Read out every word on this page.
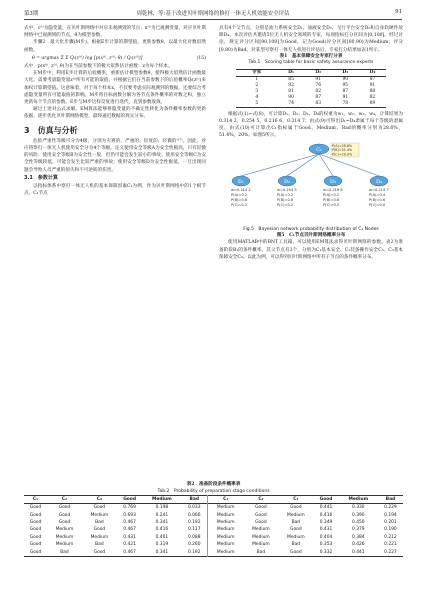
第3期	周乾林，等:基于改进贝叶斯网络的修打一体无人机效能安全评估	91

式中，c⁽ᵗ⁾为隐变量，在贝叶斯网络中对应未观测到的节点；x⁽ᵗ⁾为已观测变量，对应贝叶斯网络中已观测到的节点，θ为模型参数。

步骤2　最大化步骤(M步)。根据E步计算的期望值，更新参数θ，以最大化对数似然函数。

θ = argmax Σ Σ Qᵢ(z⁽ⁱ⁾) log [p(x⁽ⁱ⁾, z⁽ⁱ⁾; θ) / Qᵢ(z⁽ⁱ⁾)]	(15)

式中，p(x⁽ⁱ⁾, z⁽ⁱ⁾; θ)为在当前参数下的极大似然估计函数；z为每个样本。

在M步中，利用E步计算的后验概率，重新估计模型参数θ，使得极大似然估计函数最大化。需要考虑隐变量z⁽ⁱ⁾所有可能的取值，并根据它们在当前参数下的后验概率Qᵢ(z⁽ⁱ⁾)来加权计算期望值。这意味着，对于每个样本x，不仅要考虑实际观测到的数据，还要综合考虑隐变量所有可能取值的影响。M步将目标函数分解为各节点条件概率的对数之和，独立更新每个节点的参数。E步与M步这样反复进行迭代，直到参数收敛。

通过上述对公式求解，EM算法能够将隐变量的不确定性转化为条件概率参数的更新依据，逐步优化贝叶斯网络模型，最终逼近数据的真实分布。

3　仿真与分析

危险严重性等级可分为4级，分别为灾难的、严重的、轻度的、轻微的⁽¹⁷⁾。因此，对应将察打一体无人机使用安全分为4个等级。定义使用安全等级A为安全性极高，只有轻微的风险；使用安全等级B为安全性一般，但仍可能会发生较小的事故；使用安全等级C为安全性等级较低，可能会发生比较严重的事故；使用安全等级D为安全性极低，一旦出现问题会导致人员严重的损失和不可逆转的伤害。

3.1　参数计算

以指标体系中察打一体无人机的基本保障因素C₁为例，作为贝叶斯网络中的1个根节点，C₁节点

具有4个父节点，分别是油力系统安全D₁、油液安全D₂、飞行平台安全D₃和自身软硬件故障D₄。本次评估共邀请5位无人机安全领域的专家，每项指标打分区间为[0,100]。经过讨论，规定评分区间[90,100]为Good，记为Good(评分区间[80,90)为Medium；评分[0,80)为Bad。对某型号察打一体无人机进行评估后，专家打分结果如表1所示。

表1　基本保障安全专家打分表
Tab.1　Scoring table for basic safety assurance experts
专家	D₁	D₂	D₃	D₄
1	85	91	90	87
2	92	76	95	91
3	81	82	87	88
4	90	87	91	82
5	74	83	78	89

根据式(1)~式(8)，可计算D₁、D₂、D₃、D₄的权重为w₁、w₂、w₃、w₄，计算结果为0.314 2，0.254 5，0.216 6，0.214 7；由式(9)可得出D₁~D₄隶属于每个等级的隶属度，由式(10)可计算出C₁指标属于Good、Medium、Bad的概率分别为28.6%，51.4%，20%。如图5所示。

C₁
P(A)=28.6%
P(B)=51.4%
P(C)=20.0%
D₁
w=0.314 2
P(A)=0.2
P(B)=0.6
P(C)=0.2
D₂
w=0.254 5
P(A)=0.2
P(B)=0.6
P(C)=0.2
D₃
w=0.216 6
P(A)=0.2
P(B)=0.6
P(C)=0.2
D₄
w=0.214 7
P(A)=0.4
P(B)=0.6
P(C)=0.0
Fig.5　Bayesian network probability distribution of C₁ Nodes
图5　C₁节点贝叶斯网络概率分布

使用MATLAB中的BNT工具箱，可以使用EM算法求得贝叶斯网络的参数。表2为准备阶段B₁的条件概率，其父节点有3个，分别为C₁基本安全、C₂装备操作安全C₃、C₃基本保障安全C₃。以此为例，可以得到贝叶斯网络中所有子节点的条件概率分布。

表2　准备阶段条件概率表
Tab.2　Probability of preparation stage conditions
C₁	C₂	C₃	Good	Medium	Bad	C₁	C₂	C₃	Good	Medium	Bad
Good	Good	Good	0.769	0.198	0.033	Medium	Good	Good	0.441	0.330	0.229
Good	Good	Medium	0.693	0.241	0.066	Medium	Good	Medium	0.416	0.390	0.194
Good	Good	Bad	0.467	0.341	0.192	Medium	Good	Bad	0.349	0.450	0.201
Good	Medium	Good	0.467	0.416	0.117	Medium	Medium	Good	0.431	0.379	0.190
Good	Medium	Medium	0.431	0.401	0.088	Medium	Medium	Medium	0.404	0.384	0.212
Good	Medium	Bad	0.421	0.319	0.260	Medium	Medium	Bad	0.353	0.426	0.221
Good	Bad	Good	0.467	0.341	0.192	Medium	Bad	Good	0.332	0.441	0.227
